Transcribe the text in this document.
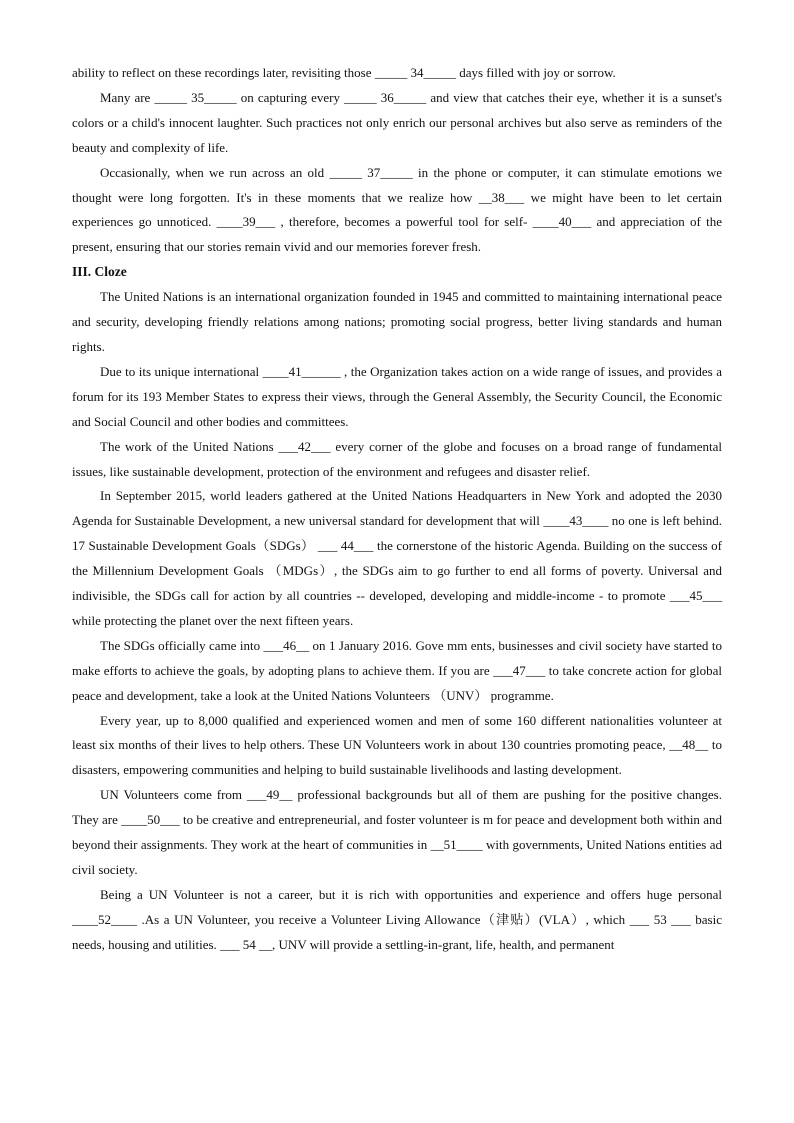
ability to reflect on these recordings later, revisiting those _____ 34_____ days filled with joy or sorrow.

Many are _____ 35_____ on capturing every _____ 36_____ and view that catches their eye, whether it is a sunset's colors or a child's innocent laughter. Such practices not only enrich our personal archives but also serve as reminders of the beauty and complexity of life.

Occasionally, when we run across an old _____ 37_____ in the phone or computer, it can stimulate emotions we thought were long forgotten. It's in these moments that we realize how __38___ we might have been to let certain experiences go unnoticed. ____39___ , therefore, becomes a powerful tool for self- ____40___ and appreciation of the present, ensuring that our stories remain vivid and our memories forever fresh.

III. Cloze

The United Nations is an international organization founded in 1945 and committed to maintaining international peace and security, developing friendly relations among nations; promoting social progress, better living standards and human rights.

Due to its unique international ____41______ , the Organization takes action on a wide range of issues, and provides a forum for its 193 Member States to express their views, through the General Assembly, the Security Council, the Economic and Social Council and other bodies and committees.

The work of the United Nations ___42___ every corner of the globe and focuses on a broad range of fundamental issues, like sustainable development, protection of the environment and refugees and disaster relief.

In September 2015, world leaders gathered at the United Nations Headquarters in New York and adopted the 2030 Agenda for Sustainable Development, a new universal standard for development that will ____43____ no one is left behind. 17 Sustainable Development Goals（SDGs） ___ 44___ the cornerstone of the historic Agenda. Building on the success of the Millennium Development Goals （MDGs）, the SDGs aim to go further to end all forms of poverty. Universal and indivisible, the SDGs call for action by all countries -- developed, developing and middle-income - to promote ___45___ while protecting the planet over the next fifteen years.

The SDGs officially came into ___46__ on 1 January 2016. Gove mm ents, businesses and civil society have started to make efforts to achieve the goals, by adopting plans to achieve them. If you are ___47___ to take concrete action for global peace and development, take a look at the United Nations Volunteers （UNV） programme.

Every year, up to 8,000 qualified and experienced women and men of some 160 different nationalities volunteer at least six months of their lives to help others. These UN Volunteers work in about 130 countries promoting peace, __48__ to disasters, empowering communities and helping to build sustainable livelihoods and lasting development.

UN Volunteers come from ___49__ professional backgrounds but all of them are pushing for the positive changes. They are ____50___ to be creative and entrepreneurial, and foster volunteer is m for peace and development both within and beyond their assignments. They work at the heart of communities in __51____ with governments, United Nations entities ad civil society.

Being a UN Volunteer is not a career, but it is rich with opportunities and experience and offers huge personal ____52____ .As a UN Volunteer, you receive a Volunteer Living Allowance（津贴）(VLA）, which ___ 53 ___ basic needs, housing and utilities. ___ 54 __, UNV will provide a settling-in-grant, life, health, and permanent
